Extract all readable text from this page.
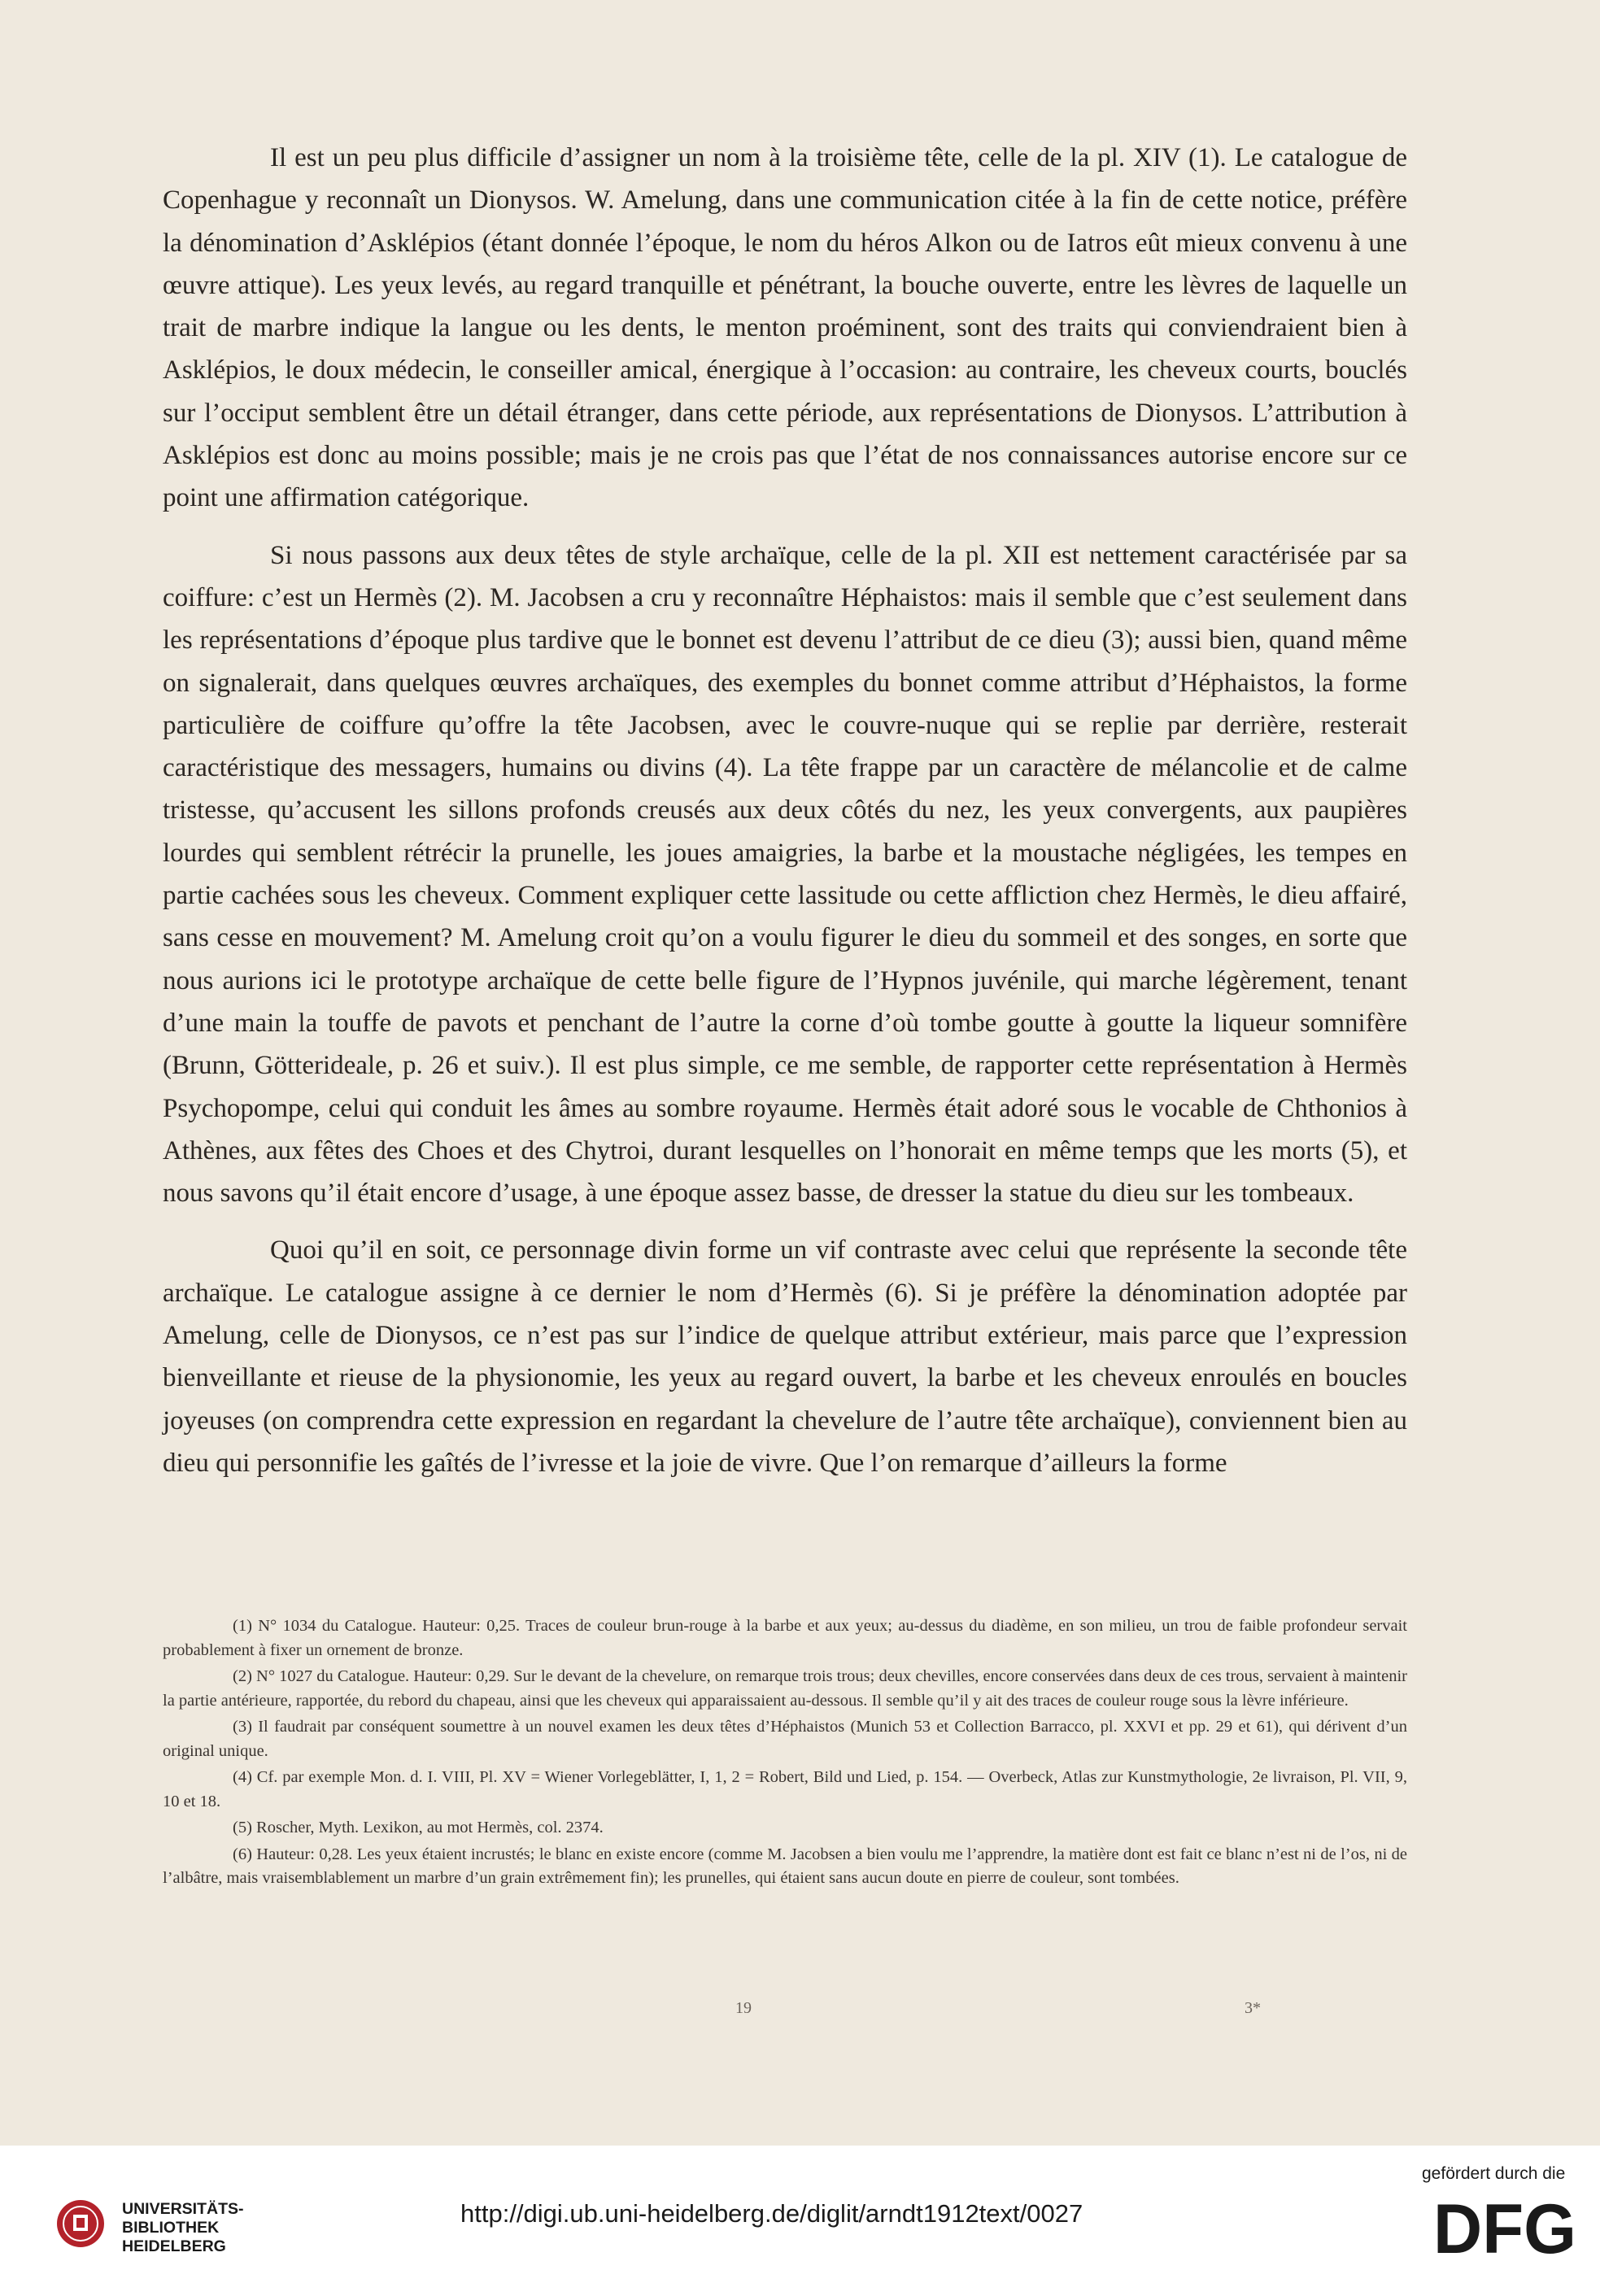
Il est un peu plus difficile d’assigner un nom à la troisième tête, celle de la pl. XIV (1). Le catalogue de Copenhague y reconnaît un Dionysos. W. Amelung, dans une communication citée à la fin de cette notice, préfère la dénomination d’Asklépios (étant donnée l’époque, le nom du héros Alkon ou de Iatros eût mieux convenu à une œuvre attique). Les yeux levés, au regard tranquille et pénétrant, la bouche ouverte, entre les lèvres de laquelle un trait de marbre indique la langue ou les dents, le menton proéminent, sont des traits qui conviendraient bien à Asklépios, le doux médecin, le conseiller amical, énergique à l’occasion: au contraire, les cheveux courts, bouclés sur l’occiput semblent être un détail étranger, dans cette période, aux représentations de Dionysos. L’attribution à Asklépios est donc au moins possible; mais je ne crois pas que l’état de nos connaissances autorise encore sur ce point une affirmation catégorique.

Si nous passons aux deux têtes de style archaïque, celle de la pl. XII est nettement caractérisée par sa coiffure: c’est un Hermès (2). M. Jacobsen a cru y reconnaître Héphaistos: mais il semble que c’est seulement dans les représentations d’époque plus tardive que le bonnet est devenu l’attribut de ce dieu (3); aussi bien, quand même on signalerait, dans quelques œuvres archaïques, des exemples du bonnet comme attribut d’Héphaistos, la forme particulière de coiffure qu’offre la tête Jacobsen, avec le couvre-nuque qui se replie par derrière, resterait caractéristique des messagers, humains ou divins (4). La tête frappe par un caractère de mélancolie et de calme tristesse, qu’accusent les sillons profonds creusés aux deux côtés du nez, les yeux convergents, aux paupières lourdes qui semblent rétrécir la prunelle, les joues amaigries, la barbe et la moustache négligées, les tempes en partie cachées sous les cheveux. Comment expliquer cette lassitude ou cette affliction chez Hermès, le dieu affairé, sans cesse en mouvement? M. Amelung croit qu’on a voulu figurer le dieu du sommeil et des songes, en sorte que nous aurions ici le prototype archaïque de cette belle figure de l’Hypnos juvénile, qui marche légèrement, tenant d’une main la touffe de pavots et penchant de l’autre la corne d’où tombe goutte à goutte la liqueur somnifère (Brunn, Götterideale, p. 26 et suiv.). Il est plus simple, ce me semble, de rapporter cette représentation à Hermès Psychopompe, celui qui conduit les âmes au sombre royaume. Hermès était adoré sous le vocable de Chthonios à Athènes, aux fêtes des Choes et des Chytroi, durant lesquelles on l’honorait en même temps que les morts (5), et nous savons qu’il était encore d’usage, à une époque assez basse, de dresser la statue du dieu sur les tombeaux.

Quoi qu’il en soit, ce personnage divin forme un vif contraste avec celui que représente la seconde tête archaïque. Le catalogue assigne à ce dernier le nom d’Hermès (6). Si je préfère la dénomination adoptée par Amelung, celle de Dionysos, ce n’est pas sur l’indice de quelque attribut extérieur, mais parce que l’expression bienveillante et rieuse de la physionomie, les yeux au regard ouvert, la barbe et les cheveux enroulés en boucles joyeuses (on comprendra cette expression en regardant la chevelure de l’autre tête archaïque), conviennent bien au dieu qui personnifie les gaîtés de l’ivresse et la joie de vivre. Que l’on remarque d’ailleurs la forme

(1) N° 1034 du Catalogue. Hauteur: 0,25. Traces de couleur brun-rouge à la barbe et aux yeux; au-dessus du diadème, en son milieu, un trou de faible profondeur servait probablement à fixer un ornement de bronze.

(2) N° 1027 du Catalogue. Hauteur: 0,29. Sur le devant de la chevelure, on remarque trois trous; deux chevilles, encore conservées dans deux de ces trous, servaient à maintenir la partie antérieure, rapportée, du rebord du chapeau, ainsi que les cheveux qui apparaissaient au-dessous. Il semble qu’il y ait des traces de couleur rouge sous la lèvre inférieure.

(3) Il faudrait par conséquent soumettre à un nouvel examen les deux têtes d’Héphaistos (Munich 53 et Collection Barracco, pl. XXVI et pp. 29 et 61), qui dérivent d’un original unique.

(4) Cf. par exemple Mon. d. I. VIII, Pl. XV = Wiener Vorlegeblätter, I, 1, 2 = Robert, Bild und Lied, p. 154. — Overbeck, Atlas zur Kunstmythologie, 2e livraison, Pl. VII, 9, 10 et 18.

(5) Roscher, Myth. Lexikon, au mot Hermès, col. 2374.

(6) Hauteur: 0,28. Les yeux étaient incrustés; le blanc en existe encore (comme M. Jacobsen a bien voulu me l’apprendre, la matière dont est fait ce blanc n’est ni de l’os, ni de l’albâtre, mais vraisemblablement un marbre d’un grain extrêmement fin); les prunelles, qui étaient sans aucun doute en pierre de couleur, sont tombées.

19	3*
UNIVERSITÄTS-
BIBLIOTHEK
HEIDELBERG
http://digi.ub.uni-heidelberg.de/diglit/arndt1912text/0027
gefördert durch die
DFG
